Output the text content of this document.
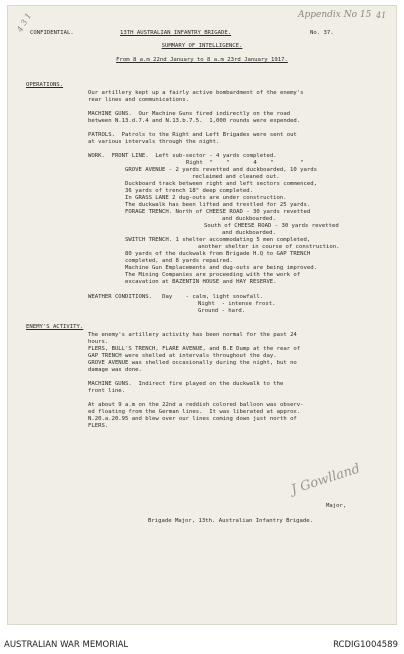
Appendix No 15 41
4 3 1
CONFIDENTIAL.	13TH AUSTRALIAN INFANTRY BRIGADE.	No. 37.
SUMMARY OF INTELLIGENCE.
From 8 a.m 22nd January to 8 a.m 23rd January 1917.
OPERATIONS.
Our artillery kept up a fairly active bombardment of the enemy's
rear lines and communications.
MACHINE GUNS.  Our Machine Guns fired indirectly on the road
between N.13.d.7.4 and N.13.b.7.5.  1,000 rounds were expended.
PATROLS.  Patrols to the Right and Left Brigades were sent out
at various intervals through the night.
WORK.  FRONT LINE.  Left sub-sector - 4 yards completed.
Right  "    "       4    "        "
GROVE AVENUE - 2 yards revetted and duckboarded, 10 yards
reclaimed and cleaned out.
Duckboard track between right and left sectors commenced,
36 yards of trench 18" deep completed.
In GRASS LANE 2 dug-outs are under construction.
The duckwalk has been lifted and trestled for 25 yards.
FORAGE TRENCH. North of CHEESE ROAD - 30 yards revetted
and duckboarded.
South of CHEESE ROAD - 30 yards revetted
and duckboarded.
SWITCH TRENCH. 1 shelter accommodating 5 men completed,
another shelter in course of construction.
80 yards of the duckwalk from Brigade H.Q to GAP TRENCH
completed, and 8 yards repaired.
Machine Gun Emplacements and dug-outs are being improved.
The Mining Companies are proceeding with the work of
excavation at BAZENTIN HOUSE and HAY RESERVE.
WEATHER CONDITIONS.   Day    - calm, light snowfall.
Night  - intense frost.
Ground - hard.
ENEMY'S ACTIVITY.
The enemy's artillery activity has been normal for the past 24
hours.
FLERS, BULL'S TRENCH, FLARE AVENUE, and B.E Dump at the rear of
GAP TRENCH were shelled at intervals throughout the day.
GROVE AVENUE was shelled occasionally during the night, but no
damage was done.
MACHINE GUNS.  Indirect fire played on the duckwalk to the
front line.
At about 9 a.m on the 22nd a reddish colored balloon was observ-
ed floating from the German lines.  It was liberated at approx.
N.20.a.20.95 and blew over our lines coming down just north of
FLERS.
J Gowlland
Major,
Brigade Major, 13th. Australian Infantry Brigade.
AUSTRALIAN WAR MEMORIAL	RCDIG1004589
